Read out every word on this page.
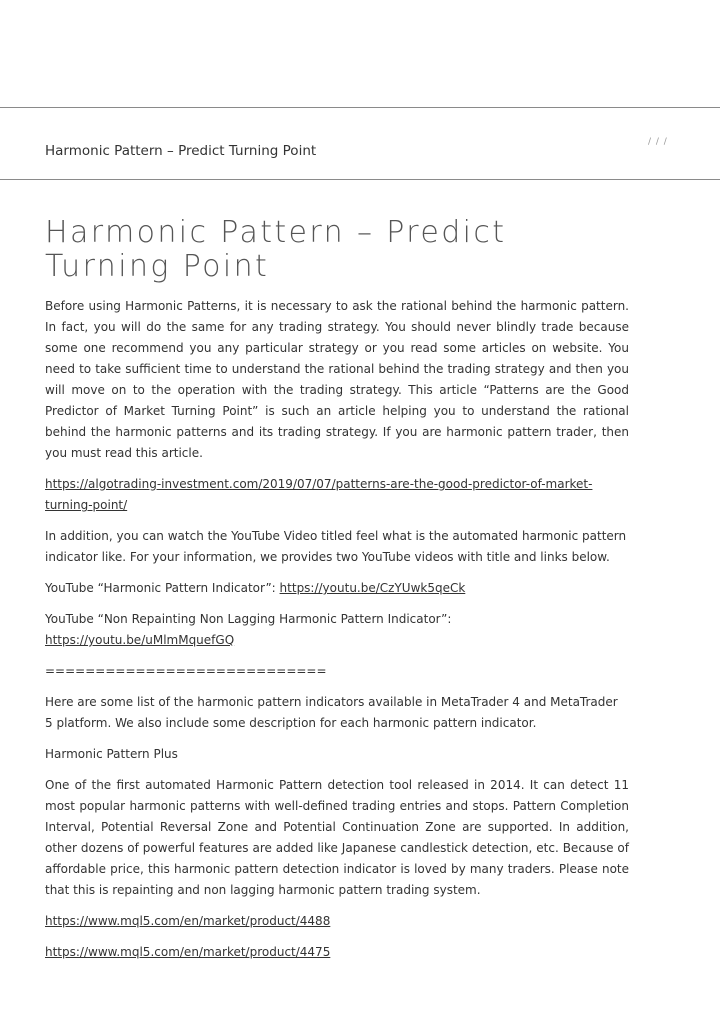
/ / /
Harmonic Pattern – Predict Turning Point
Harmonic Pattern – Predict Turning Point

Before using Harmonic Patterns, it is necessary to ask the rational behind the harmonic pattern. In fact, you will do the same for any trading strategy. You should never blindly trade because some one recommend you any particular strategy or you read some articles on website. You need to take sufficient time to understand the rational behind the trading strategy and then you will move on to the operation with the trading strategy. This article “Patterns are the Good Predictor of Market Turning Point” is such an article helping you to understand the rational behind the harmonic patterns and its trading strategy. If you are harmonic pattern trader, then you must read this article.

https://algotrading-investment.com/2019/07/07/patterns-are-the-good-predictor-of-market-
turning-point/

In addition, you can watch the YouTube Video titled feel what is the automated harmonic pattern indicator like. For your information, we provides two YouTube videos with title and links below.

YouTube “Harmonic Pattern Indicator”: https://youtu.be/CzYUwk5qeCk

YouTube “Non Repainting Non Lagging Harmonic Pattern Indicator”:
https://youtu.be/uMlmMquefGQ

============================

Here are some list of the harmonic pattern indicators available in MetaTrader 4 and MetaTrader 5 platform. We also include some description for each harmonic pattern indicator.

Harmonic Pattern Plus

One of the first automated Harmonic Pattern detection tool released in 2014. It can detect 11 most popular harmonic patterns with well-defined trading entries and stops. Pattern Completion Interval, Potential Reversal Zone and Potential Continuation Zone are supported. In addition, other dozens of powerful features are added like Japanese candlestick detection, etc. Because of affordable price, this harmonic pattern detection indicator is loved by many traders. Please note that this is repainting and non lagging harmonic pattern trading system.

https://www.mql5.com/en/market/product/4488

https://www.mql5.com/en/market/product/4475
